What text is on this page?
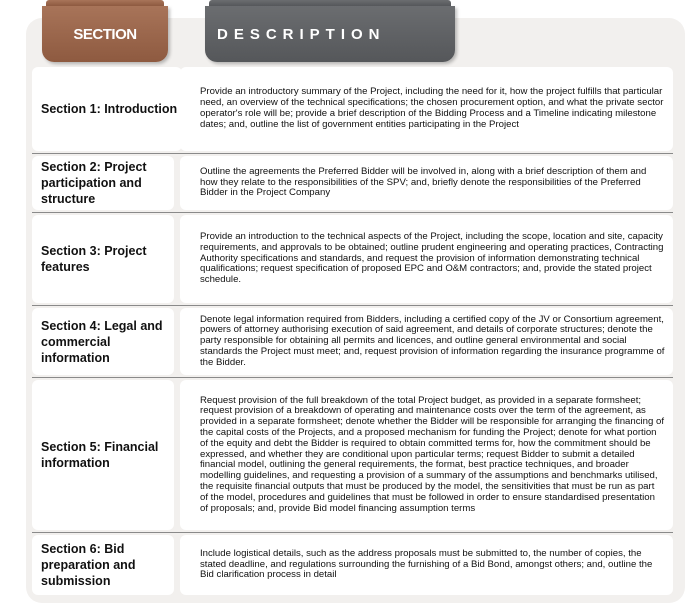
SECTION	DESCRIPTION
Section 1: Introduction
Provide an introductory summary of the Project, including the need for it, how the project fulfills that particular need, an overview of the technical specifications; the chosen procurement option, and what the private sector operator's role will be; provide a brief description of the Bidding Process and a Timeline indicating milestone dates; and, outline the list of government entities participating in the Project
Section 2: Project participation and structure
Outline the agreements the Preferred Bidder will be involved in, along with a brief description of them and how they relate to the responsibilities of the SPV; and, briefly denote the responsibilities of the Preferred Bidder in the Project Company
Section 3: Project features
Provide an introduction to the technical aspects of the Project, including the scope, location and site, capacity requirements, and approvals to be obtained; outline prudent engineering and operating practices, Contracting Authority specifications and standards, and request the provision of information demonstrating technical qualifications; request specification of proposed EPC and O&M contractors; and, provide the stated project schedule.
Section 4: Legal and commercial information
Denote legal information required from Bidders, including a certified copy of the JV or Consortium agreement, powers of attorney authorising execution of said agreement, and details of corporate structures; denote the party responsible for obtaining all permits and licences, and outline general environmental and social standards the Project must meet; and, request provision of information regarding the insurance programme of the Bidder.
Section 5: Financial information
Request provision of the full breakdown of the total Project budget, as provided in a separate formsheet; request provision of a breakdown of operating and maintenance costs over the term of the agreement, as provided in a separate formsheet; denote whether the Bidder will be responsible for arranging the financing of the capital costs of the Projects, and a proposed mechanism for funding the Project; denote for what portion of the equity and debt the Bidder is required to obtain committed terms for, how the commitment should be expressed, and whether they are conditional upon particular terms; request Bidder to submit a detailed financial model, outlining the general requirements, the format, best practice techniques, and broader modelling guidelines, and requesting a provision of a summary of the assumptions and benchmarks utilised, the requisite financial outputs that must be produced by the model, the sensitivities that must be run as part of the model, procedures and guidelines that must be followed in order to ensure standardised presentation of proposals; and, provide Bid model financing assumption terms
Section 6: Bid preparation and submission
Include logistical details, such as the address proposals must be submitted to, the number of copies, the stated deadline, and regulations surrounding the furnishing of a Bid Bond, amongst others; and, outline the Bid clarification process in detail
